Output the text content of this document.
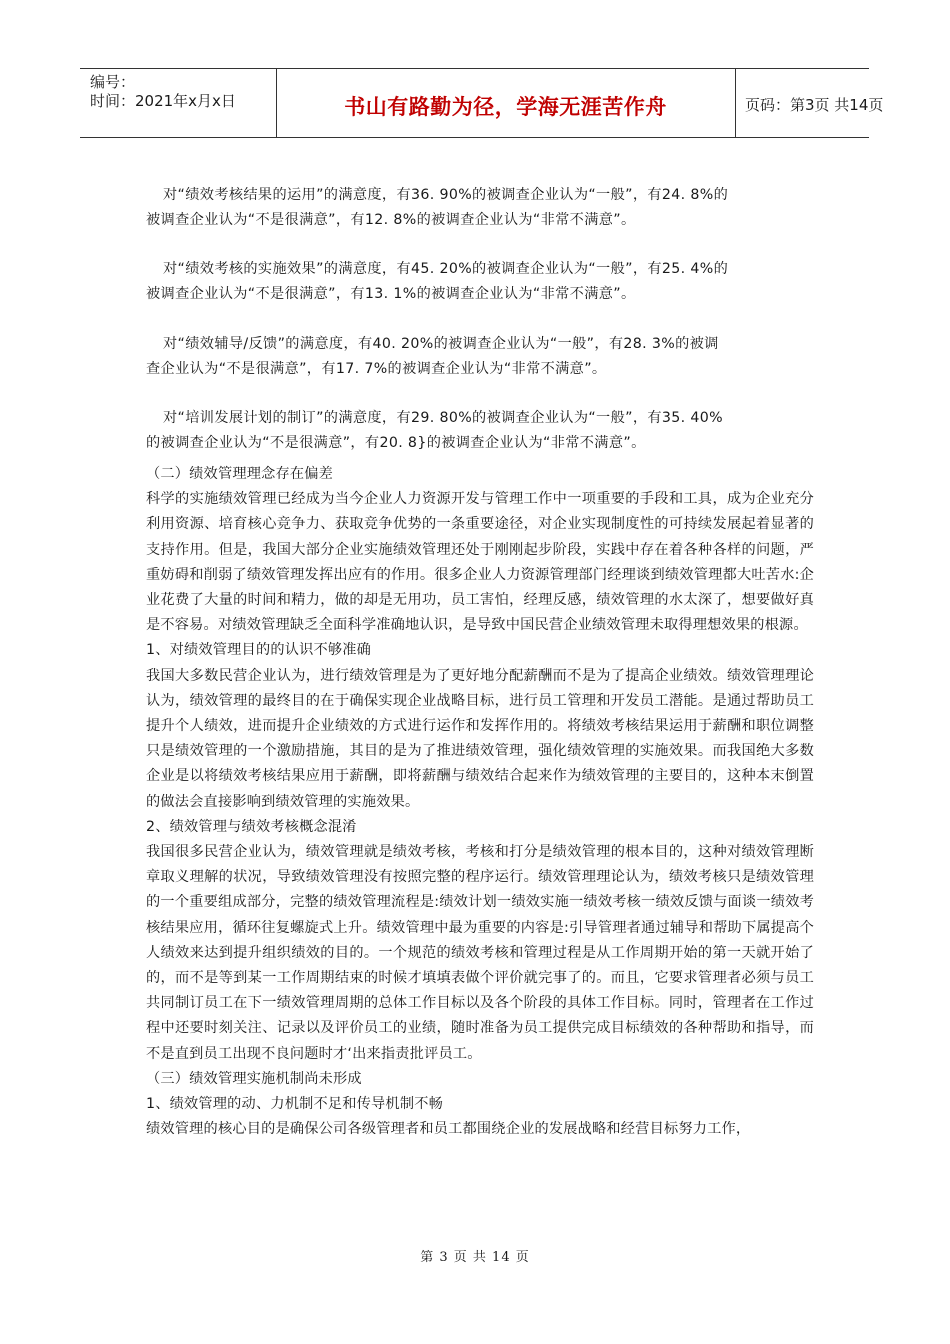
编号：
时间：2021年x月x日	书山有路勤为径，学海无涯苦作舟	页码：第3页 共14页

对“绩效考核结果的运用”的满意度，有36. 90%的被调查企业认为“一般”，有24. 8%的

被调查企业认为“不是很满意”，有12. 8%的被调查企业认为“非常不满意”。

对“绩效考核的实施效果”的满意度，有45. 20%的被调查企业认为“一般”，有25. 4%的

被调查企业认为“不是很满意”，有13. 1%的被调查企业认为“非常不满意”。

对“绩效辅导/反馈”的满意度，有40. 20%的被调查企业认为“一般”，有28. 3%的被调

查企业认为“不是很满意”，有17. 7%的被调查企业认为“非常不满意”。

对“培训发展计划的制订”的满意度，有29. 80%的被调查企业认为“一般”，有35. 40%

的被调查企业认为“不是很满意”，有20. 8}的被调查企业认为“非常不满意”。

（二）绩效管理理念存在偏差

科学的实施绩效管理已经成为当今企业人力资源开发与管理工作中一项重要的手段和工具，成为企业充分利用资源、培育核心竞争力、获取竞争优势的一条重要途径，对企业实现制度性的可持续发展起着显著的支持作用。但是，我国大部分企业实施绩效管理还处于刚刚起步阶段，实践中存在着各种各样的问题，严重妨碍和削弱了绩效管理发挥出应有的作用。很多企业人力资源管理部门经理谈到绩效管理都大吐苦水:企业花费了大量的时间和精力，做的却是无用功，员工害怕，经理反感，绩效管理的水太深了，想要做好真是不容易。对绩效管理缺乏全面科学准确地认识，是导致中国民营企业绩效管理未取得理想效果的根源。

1、对绩效管理目的的认识不够准确

我国大多数民营企业认为，进行绩效管理是为了更好地分配薪酬而不是为了提高企业绩效。绩效管理理论认为，绩效管理的最终目的在于确保实现企业战略目标，进行员工管理和开发员工潜能。是通过帮助员工提升个人绩效，进而提升企业绩效的方式进行运作和发挥作用的。将绩效考核结果运用于薪酬和职位调整只是绩效管理的一个激励措施，其目的是为了推进绩效管理，强化绩效管理的实施效果。而我国绝大多数企业是以将绩效考核结果应用于薪酬，即将薪酬与绩效结合起来作为绩效管理的主要目的，这种本末倒置的做法会直接影响到绩效管理的实施效果。

2、绩效管理与绩效考核概念混淆

我国很多民营企业认为，绩效管理就是绩效考核，考核和打分是绩效管理的根本目的，这种对绩效管理断章取义理解的状况，导致绩效管理没有按照完整的程序运行。绩效管理理论认为，绩效考核只是绩效管理的一个重要组成部分，完整的绩效管理流程是:绩效计划一绩效实施一绩效考核一绩效反馈与面谈一绩效考核结果应用，循环往复螺旋式上升。绩效管理中最为重要的内容是:引导管理者通过辅导和帮助下属提高个人绩效来达到提升组织绩效的目的。一个规范的绩效考核和管理过程是从工作周期开始的第一天就开始了的，而不是等到某一工作周期结束的时候才填填表做个评价就完事了的。而且，它要求管理者必须与员工共同制订员工在下一绩效管理周期的总体工作目标以及各个阶段的具体工作目标。同时，管理者在工作过程中还要时刻关注、记录以及评价员工的业绩，随时准备为员工提供完成目标绩效的各种帮助和指导，而不是直到员工出现不良问题时才‘出来指责批评员工。

（三）绩效管理实施机制尚未形成

1、绩效管理的动、力机制不足和传导机制不畅

绩效管理的核心目的是确保公司各级管理者和员工都围绕企业的发展战略和经营目标努力工作，

第 3 页 共 14 页
